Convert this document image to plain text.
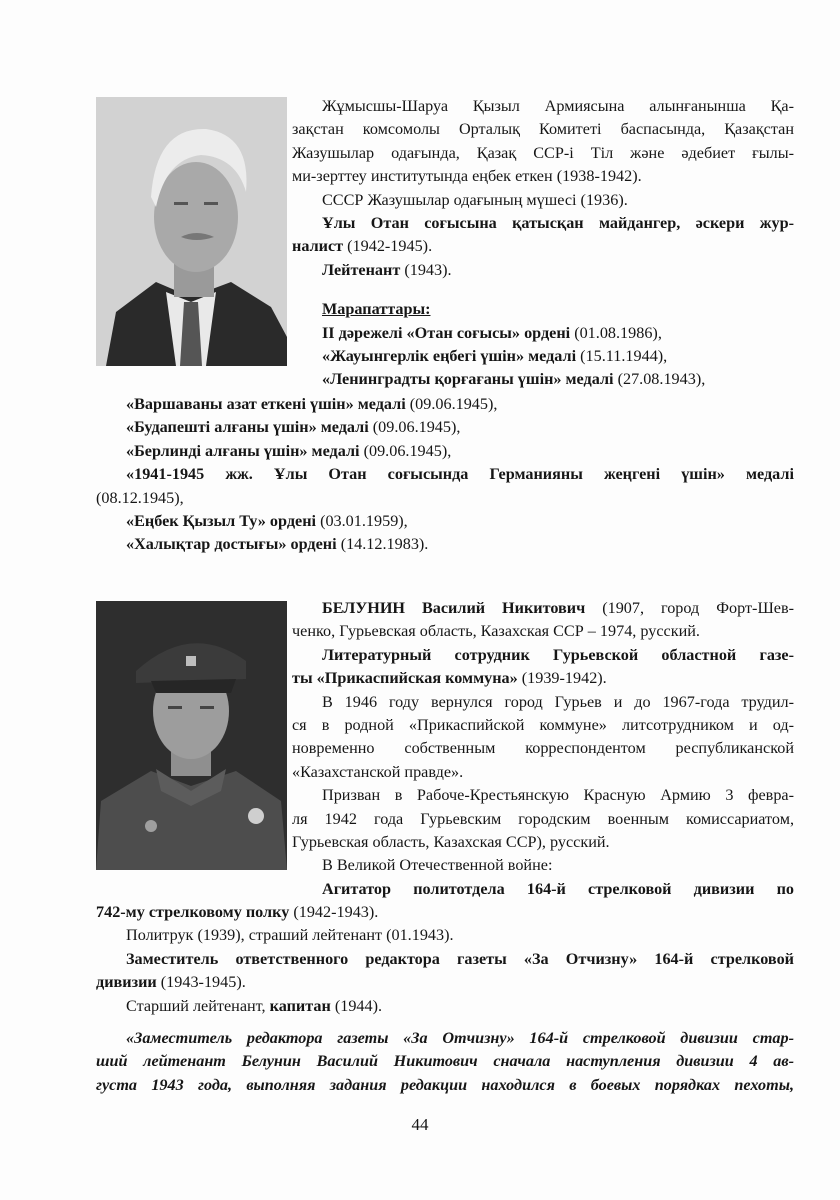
Жұмысшы-Шаруа Қызыл Армиясына алынғанынша Қа-

зақстан комсомолы Орталық Комитеті баспасында, Қазақстан

Жазушылар одағында, Қазақ ССР-і Тіл және әдебиет ғылы-

ми-зерттеу институтында еңбек еткен (1938-1942).

СССР Жазушылар одағының мүшесі (1936).

Ұлы Отан соғысына қатысқан майдангер, әскери жур-

налист (1942-1945).

Лейтенант (1943).

Марапаттары:

ІІ дәрежелі «Отан соғысы» ордені (01.08.1986),

«Жауынгерлік еңбегі үшін» медалі (15.11.1944),

«Ленинградты қорғағаны үшін» медалі (27.08.1943),

«Варшаваны азат еткені үшін» медалі (09.06.1945),

«Будапешті алғаны үшін» медалі (09.06.1945),

«Берлинді алғаны үшін» медалі (09.06.1945),

«1941-1945 жж. Ұлы Отан соғысында Германияны жеңгені үшін» медалі

(08.12.1945),

«Еңбек Қызыл Ту» ордені (03.01.1959),

«Халықтар достығы» ордені (14.12.1983).

БЕЛУНИН Василий Никитович (1907, город Форт-Шев-

ченко, Гурьевская область, Казахская ССР – 1974, русский.

Литературный сотрудник Гурьевской областной газе-

ты «Прикаспийская коммуна» (1939-1942).

В 1946 году вернулся город Гурьев и до 1967-года трудил-

ся в родной «Прикаспийской коммуне» литсотрудником и од-

новременно собственным корреспондентом республиканской

«Казахстанской правде».

Призван в Рабоче-Крестьянскую Красную Армию 3 февра-

ля 1942 года Гурьевским городским военным комиссариатом,

Гурьевская область, Казахская ССР), русский.

В Великой Отечественной войне:

Агитатор политотдела 164-й стрелковой дивизии по

742-му стрелковому полку (1942-1943).

Политрук (1939), страший лейтенант (01.1943).

Заместитель ответственного редактора газеты «За Отчизну» 164-й стрелковой

дивизии (1943-1945).

Старший лейтенант, капитан (1944).

«Заместитель редактора газеты «За Отчизну» 164-й стрелковой дивизии стар-

ший лейтенант Белунин Василий Никитович сначала наступления дивизии 4 ав-

густа 1943 года, выполняя задания редакции находился в боевых порядках пехоты,

44
